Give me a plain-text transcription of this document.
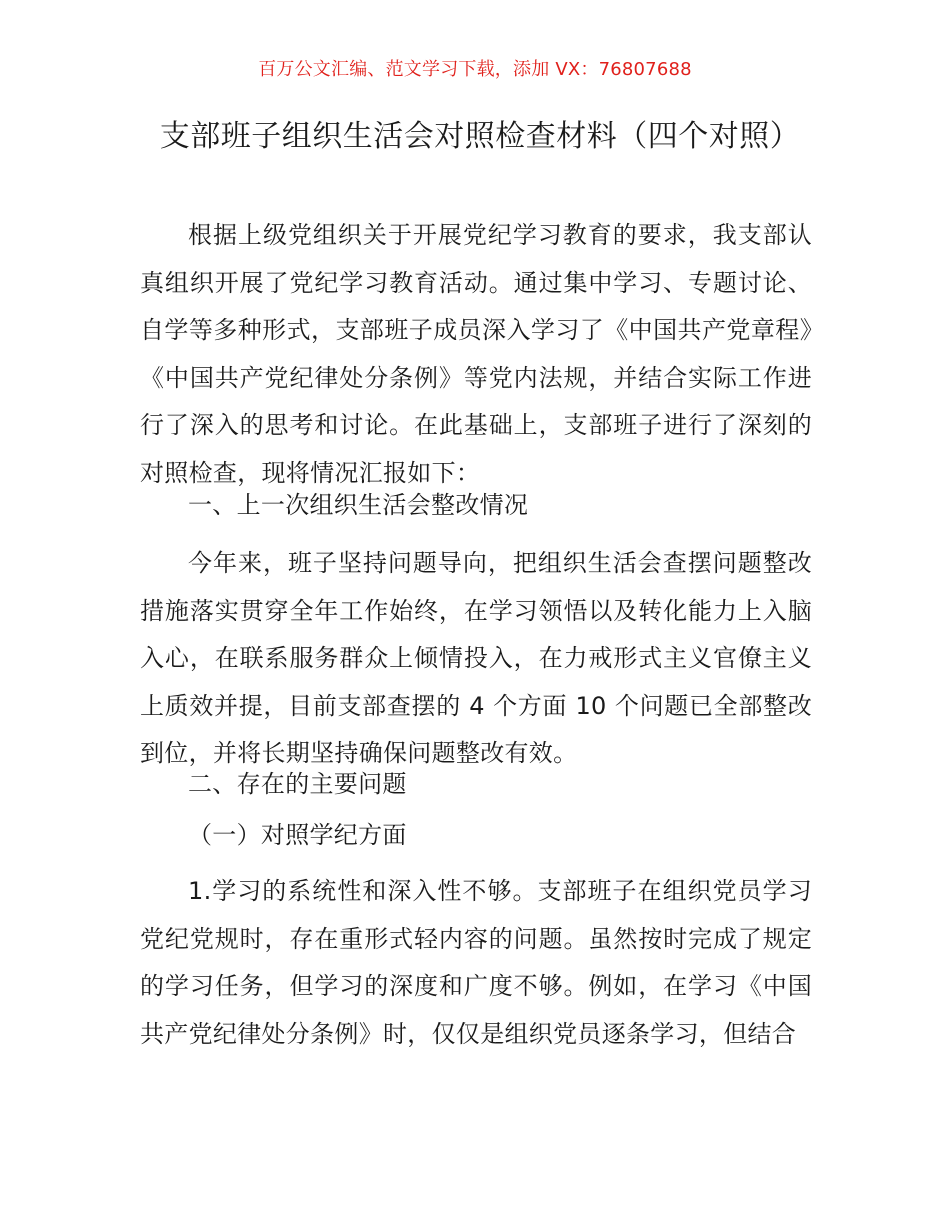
百万公文汇编、范文学习下载，添加 VX：76807688
支部班子组织生活会对照检查材料（四个对照）

根据上级党组织关于开展党纪学习教育的要求，我支部认真组织开展了党纪学习教育活动。通过集中学习、专题讨论、自学等多种形式，支部班子成员深入学习了《中国共产党章程》《中国共产党纪律处分条例》等党内法规，并结合实际工作进行了深入的思考和讨论。在此基础上，支部班子进行了深刻的对照检查，现将情况汇报如下：

一、上一次组织生活会整改情况

今年来，班子坚持问题导向，把组织生活会查摆问题整改措施落实贯穿全年工作始终，在学习领悟以及转化能力上入脑入心，在联系服务群众上倾情投入，在力戒形式主义官僚主义上质效并提，目前支部查摆的 4 个方面 10 个问题已全部整改到位，并将长期坚持确保问题整改有效。

二、存在的主要问题

（一）对照学纪方面

1.学习的系统性和深入性不够。支部班子在组织党员学习党纪党规时，存在重形式轻内容的问题。虽然按时完成了规定的学习任务，但学习的深度和广度不够。例如，在学习《中国共产党纪律处分条例》时，仅仅是组织党员逐条学习，但结合
